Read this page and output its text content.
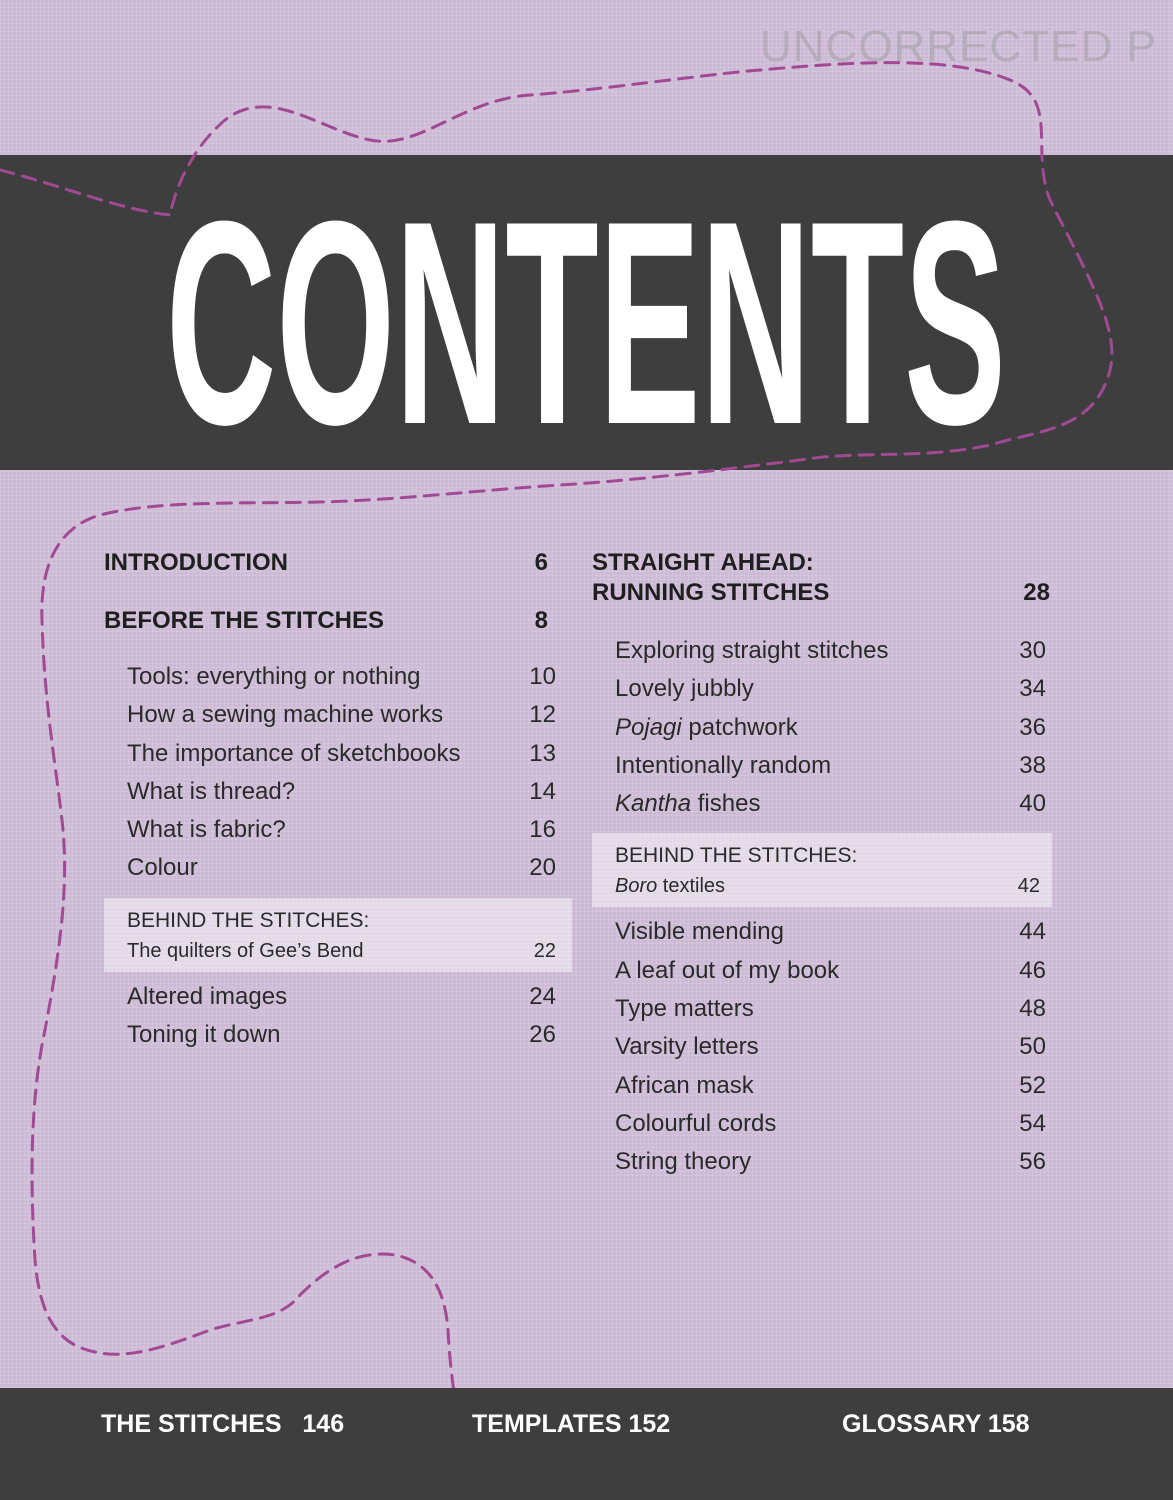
UNCORRECTED P
CONTENTS
INTRODUCTION	6
BEFORE THE STITCHES	8
Tools: everything or nothing	10
How a sewing machine works	12
The importance of sketchbooks	13
What is thread?	14
What is fabric?	16
Colour	20
BEHIND THE STITCHES:
The quilters of Gee’s Bend	22
Altered images	24
Toning it down	26
STRAIGHT AHEAD:
RUNNING STITCHES	28
Exploring straight stitches	30
Lovely jubbly	34
Pojagi patchwork	36
Intentionally random	38
Kantha fishes	40
BEHIND THE STITCHES:
Boro textiles	42
Visible mending	44
A leaf out of my book	46
Type matters	48
Varsity letters	50
African mask	52
Colourful cords	54
String theory	56
THE STITCHES   146	TEMPLATES 152	GLOSSARY 158
